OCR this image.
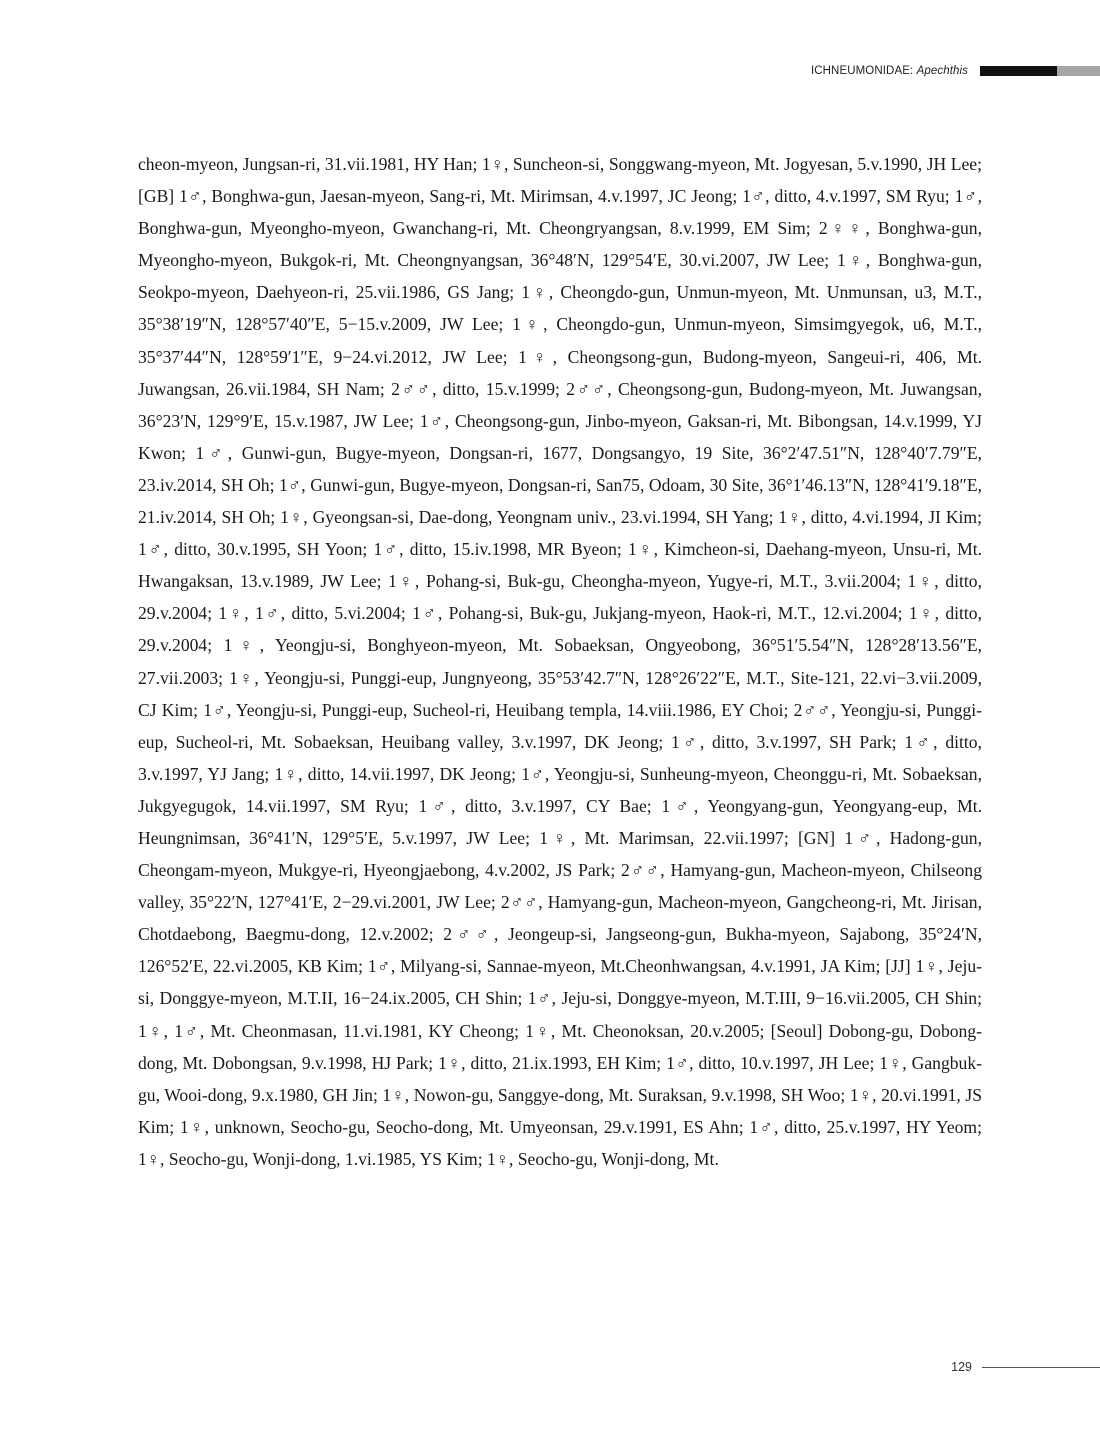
ICHNEUMONIDAE: Apechthis

cheon-myeon, Jungsan-ri, 31.vii.1981, HY Han; 1♀, Suncheon-si, Songgwang-myeon, Mt. Jogyesan, 5.v.1990, JH Lee; [GB] 1♂, Bonghwa-gun, Jaesan-myeon, Sang-ri, Mt. Mirimsan, 4.v.1997, JC Jeong; 1♂, ditto, 4.v.1997, SM Ryu; 1♂, Bonghwa-gun, Myeongho-myeon, Gwanchang-ri, Mt. Cheongryangsan, 8.v.1999, EM Sim; 2♀♀, Bonghwa-gun, Myeongho-myeon, Bukgok-ri, Mt. Cheongnyangsan, 36°48′N, 129°54′E, 30.vi.2007, JW Lee; 1♀, Bonghwa-gun, Seokpo-myeon, Daehyeon-ri, 25.vii.1986, GS Jang; 1♀, Cheongdo-gun, Unmun-myeon, Mt. Unmunsan, u3, M.T., 35°38′19″N, 128°57′40″E, 5−15.v.2009, JW Lee; 1♀, Cheongdo-gun, Unmun-myeon, Simsimgyegok, u6, M.T., 35°37′44″N, 128°59′1″E, 9−24.vi.2012, JW Lee; 1♀, Cheongsong-gun, Budong-myeon, Sangeui-ri, 406, Mt. Juwangsan, 26.vii.1984, SH Nam; 2♂♂, ditto, 15.v.1999; 2♂♂, Cheongsong-gun, Budong-myeon, Mt. Juwangsan, 36°23′N, 129°9′E, 15.v.1987, JW Lee; 1♂, Cheongsong-gun, Jinbo-myeon, Gaksan-ri, Mt. Bibongsan, 14.v.1999, YJ Kwon; 1♂, Gunwi-gun, Bugye-myeon, Dongsan-ri, 1677, Dongsangyo, 19 Site, 36°2′47.51″N, 128°40′7.79″E, 23.iv.2014, SH Oh; 1♂, Gunwi-gun, Bugye-myeon, Dongsan-ri, San75, Odoam, 30 Site, 36°1′46.13″N, 128°41′9.18″E, 21.iv.2014, SH Oh; 1♀, Gyeongsan-si, Dae-dong, Yeongnam univ., 23.vi.1994, SH Yang; 1♀, ditto, 4.vi.1994, JI Kim; 1♂, ditto, 30.v.1995, SH Yoon; 1♂, ditto, 15.iv.1998, MR Byeon; 1♀, Kimcheon-si, Daehang-myeon, Unsu-ri, Mt. Hwangaksan, 13.v.1989, JW Lee; 1♀, Pohang-si, Buk-gu, Cheongha-myeon, Yugye-ri, M.T., 3.vii.2004; 1♀, ditto, 29.v.2004; 1♀, 1♂, ditto, 5.vi.2004; 1♂, Pohang-si, Buk-gu, Jukjang-myeon, Haok-ri, M.T., 12.vi.2004; 1♀, ditto, 29.v.2004; 1♀, Yeongju-si, Bonghyeon-myeon, Mt. Sobaeksan, Ongyeobong, 36°51′5.54″N, 128°28′13.56″E, 27.vii.2003; 1♀, Yeongju-si, Punggi-eup, Jungnyeong, 35°53′42.7″N, 128°26′22″E, M.T., Site-121, 22.vi−3.vii.2009, CJ Kim; 1♂, Yeongju-si, Punggi-eup, Sucheol-ri, Heuibang templa, 14.viii.1986, EY Choi; 2♂♂, Yeongju-si, Punggi-eup, Sucheol-ri, Mt. Sobaeksan, Heuibang valley, 3.v.1997, DK Jeong; 1♂, ditto, 3.v.1997, SH Park; 1♂, ditto, 3.v.1997, YJ Jang; 1♀, ditto, 14.vii.1997, DK Jeong; 1♂, Yeongju-si, Sunheung-myeon, Cheonggu-ri, Mt. Sobaeksan, Jukgyegugok, 14.vii.1997, SM Ryu; 1♂, ditto, 3.v.1997, CY Bae; 1♂, Yeongyang-gun, Yeongyang-eup, Mt. Heungnimsan, 36°41′N, 129°5′E, 5.v.1997, JW Lee; 1♀, Mt. Marimsan, 22.vii.1997; [GN] 1♂, Hadong-gun, Cheongam-myeon, Mukgye-ri, Hyeongjaebong, 4.v.2002, JS Park; 2♂♂, Hamyang-gun, Macheon-myeon, Chilseong valley, 35°22′N, 127°41′E, 2−29.vi.2001, JW Lee; 2♂♂, Hamyang-gun, Macheon-myeon, Gangcheong-ri, Mt. Jirisan, Chotdaebong, Baegmu-dong, 12.v.2002; 2♂♂, Jeongeup-si, Jangseong-gun, Bukha-myeon, Sajabong, 35°24′N, 126°52′E, 22.vi.2005, KB Kim; 1♂, Milyang-si, Sannae-myeon, Mt.Cheonhwangsan, 4.v.1991, JA Kim; [JJ] 1♀, Jeju-si, Donggye-myeon, M.T.II, 16−24.ix.2005, CH Shin; 1♂, Jeju-si, Donggye-myeon, M.T.III, 9−16.vii.2005, CH Shin; 1♀, 1♂, Mt. Cheonmasan, 11.vi.1981, KY Cheong; 1♀, Mt. Cheonoksan, 20.v.2005; [Seoul] Dobong-gu, Dobong-dong, Mt. Dobongsan, 9.v.1998, HJ Park; 1♀, ditto, 21.ix.1993, EH Kim; 1♂, ditto, 10.v.1997, JH Lee; 1♀, Gangbuk-gu, Wooi-dong, 9.x.1980, GH Jin; 1♀, Nowon-gu, Sanggye-dong, Mt. Suraksan, 9.v.1998, SH Woo; 1♀, 20.vi.1991, JS Kim; 1♀, unknown, Seocho-gu, Seocho-dong, Mt. Umyeonsan, 29.v.1991, ES Ahn; 1♂, ditto, 25.v.1997, HY Yeom; 1♀, Seocho-gu, Wonji-dong, 1.vi.1985, YS Kim; 1♀, Seocho-gu, Wonji-dong, Mt.

129
